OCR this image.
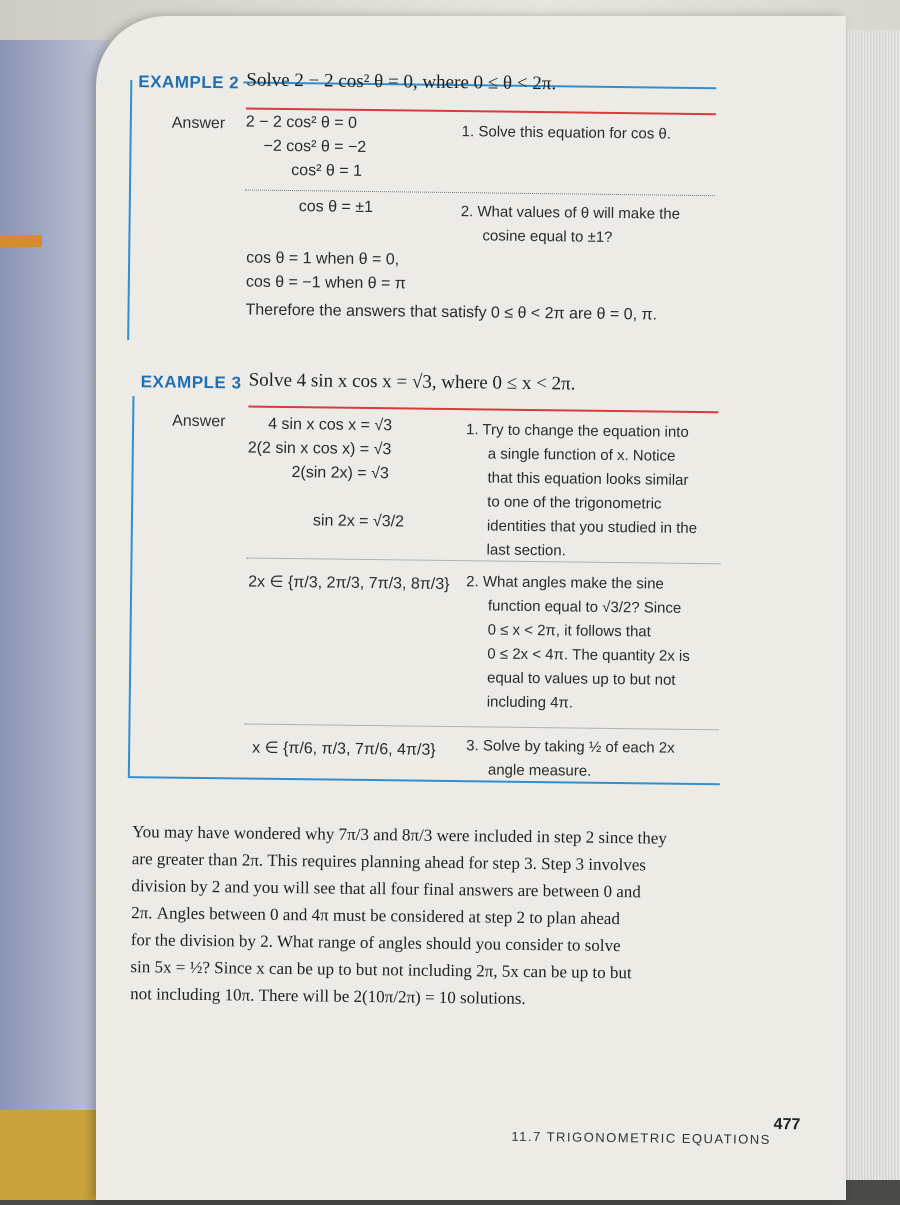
EXAMPLE 2 Solve 2 − 2 cos² θ = 0, where 0 ≤ θ < 2π.
Answer 2 − 2 cos² θ = 0
−2 cos² θ = −2
cos² θ = 1
1. Solve this equation for cos θ.
cos θ = ±1	2. What values of θ will make the
cosine equal to ±1?
cos θ = 1 when θ = 0,
cos θ = −1 when θ = π
Therefore the answers that satisfy 0 ≤ θ < 2π are θ = 0, π.
EXAMPLE 3 Solve 4 sin x cos x = √3, where 0 ≤ x < 2π.
Answer	4 sin x cos x = √3
2(2 sin x cos x) = √3
2(sin 2x) = √3
sin 2x = √3/2
1. Try to change the equation into
a single function of x. Notice
that this equation looks similar
to one of the trigonometric
identities that you studied in the
last section.
2x ∈ {π/3, 2π/3, 7π/3, 8π/3} 2. What angles make the sine
function equal to √3/2? Since
0 ≤ x < 2π, it follows that
0 ≤ 2x < 4π. The quantity 2x is
equal to values up to but not
including 4π.
x ∈ {π/6, π/3, 7π/6, 4π/3} 3. Solve by taking ½ of each 2x
angle measure.
You may have wondered why 7π/3 and 8π/3 were included in step 2 since they
are greater than 2π. This requires planning ahead for step 3. Step 3 involves
division by 2 and you will see that all four final answers are between 0 and
2π. Angles between 0 and 4π must be considered at step 2 to plan ahead
for the division by 2. What range of angles should you consider to solve
sin 5x = ½? Since x can be up to but not including 2π, 5x can be up to but
not including 10π. There will be 2(10π/2π) = 10 solutions.
11.7 TRIGONOMETRIC EQUATIONS
477
